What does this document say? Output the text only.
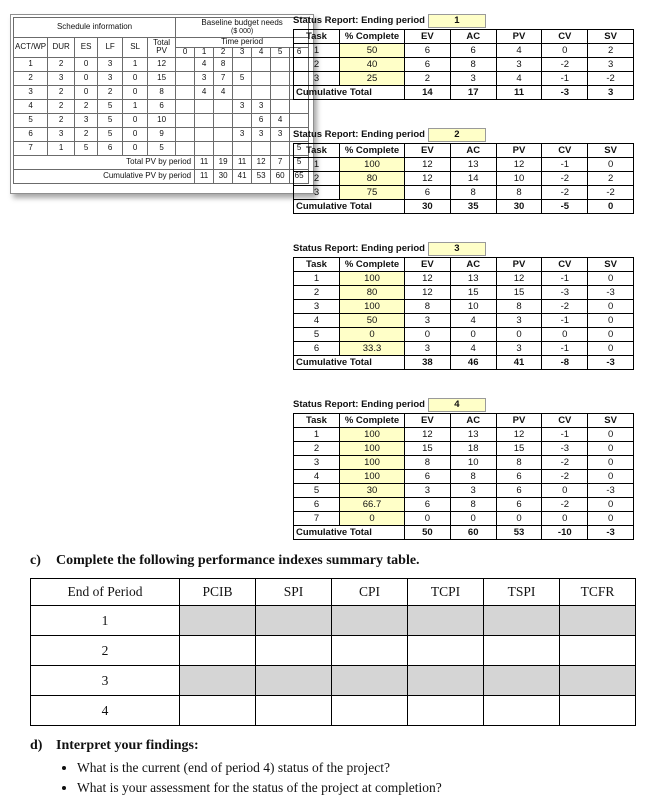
Schedule information						Baseline budget needs
($ 000)						

ACT/WP	DUR	ES	LF	SL	Total PV	Time period						
						0	1	2	3	4	5	6
1	2	0	3	1	12		4	8				
2	3	0	3	0	15		3	7	5			
3	2	0	2	0	8		4	4				
4	2	2	5	1	6				3	3		
5	2	3	5	0	10					6	4	
6	3	2	5	0	9				3	3	3	
7	1	5	6	0	5							5
Total PV by period							11	19	11	12	7	5
Cumulative PV by period							11	30	41	53	60	65
Status Report: Ending period	1
Task	% Complete	EV	AC	PV	CV	SV
1	50	6	6	4	0	2
2	40	6	8	3	-2	3
3	25	2	3	4	-1	-2
Cumulative Total		14	17	11	-3	3
Status Report: Ending period	2
Task	% Complete	EV	AC	PV	CV	SV
1	100	12	13	12	-1	0
2	80	12	14	10	-2	2
3	75	6	8	8	-2	-2
Cumulative Total		30	35	30	-5	0
Status Report: Ending period	3
Task	% Complete	EV	AC	PV	CV	SV
1	100	12	13	12	-1	0
2	80	12	15	15	-3	-3
3	100	8	10	8	-2	0
4	50	3	4	3	-1	0
5	0	0	0	0	0	0
6	33.3	3	4	3	-1	0
Cumulative Total		38	46	41	-8	-3
Status Report: Ending period	4
Task	% Complete	EV	AC	PV	CV	SV
1	100	12	13	12	-1	0
2	100	15	18	15	-3	0
3	100	8	10	8	-2	0
4	100	6	8	6	-2	0
5	30	3	3	6	0	-3
6	66.7	6	8	6	-2	0
7	0	0	0	0	0	0
Cumulative Total		50	60	53	-10	-3
c)	Complete the following performance indexes summary table.
End of Period	PCIB	SPI	CPI	TCPI	TSPI	TCFR
1						
2						
3						
4						
d) Interpret your findings:
• What is the current (end of period 4) status of the project?
• What is your assessment for the status of the project at completion?
